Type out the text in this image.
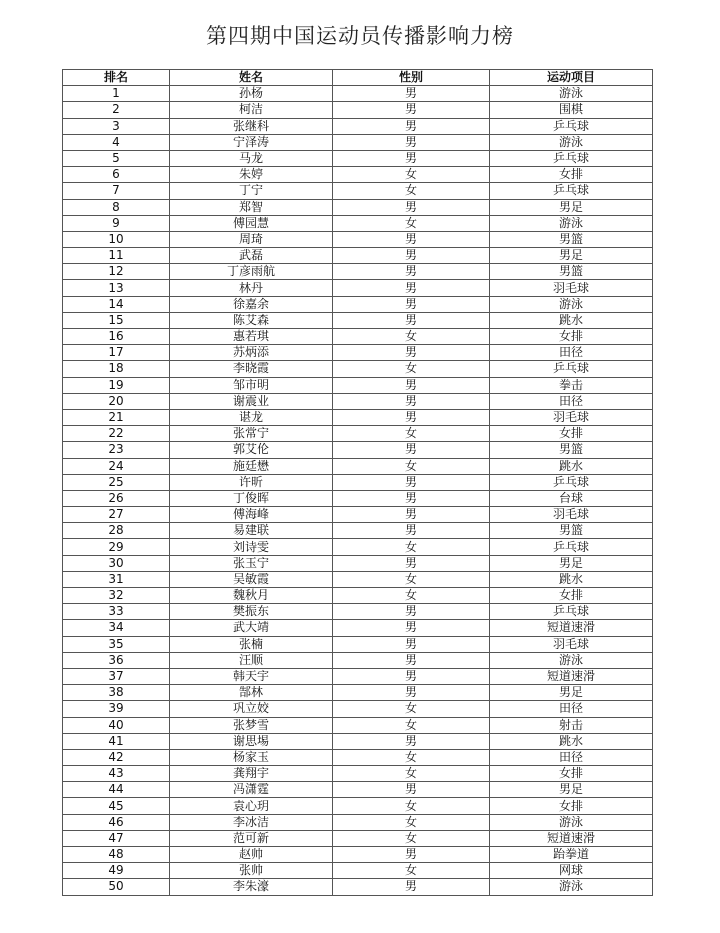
第四期中国运动员传播影响力榜
排名	姓名	性别	运动项目
1	孙杨	男	游泳
2	柯洁	男	围棋
3	张继科	男	乒乓球
4	宁泽涛	男	游泳
5	马龙	男	乒乓球
6	朱婷	女	女排
7	丁宁	女	乒乓球
8	郑智	男	男足
9	傅园慧	女	游泳
10	周琦	男	男篮
11	武磊	男	男足
12	丁彦雨航	男	男篮
13	林丹	男	羽毛球
14	徐嘉余	男	游泳
15	陈艾森	男	跳水
16	惠若琪	女	女排
17	苏炳添	男	田径
18	李晓霞	女	乒乓球
19	邹市明	男	拳击
20	谢震业	男	田径
21	谌龙	男	羽毛球
22	张常宁	女	女排
23	郭艾伦	男	男篮
24	施廷懋	女	跳水
25	许昕	男	乒乓球
26	丁俊晖	男	台球
27	傅海峰	男	羽毛球
28	易建联	男	男篮
29	刘诗雯	女	乒乓球
30	张玉宁	男	男足
31	吴敏霞	女	跳水
32	魏秋月	女	女排
33	樊振东	男	乒乓球
34	武大靖	男	短道速滑
35	张楠	男	羽毛球
36	汪顺	男	游泳
37	韩天宇	男	短道速滑
38	郜林	男	男足
39	巩立姣	女	田径
40	张梦雪	女	射击
41	谢思埸	男	跳水
42	杨家玉	女	田径
43	龚翔宇	女	女排
44	冯潇霆	男	男足
45	袁心玥	女	女排
46	李冰洁	女	游泳
47	范可新	女	短道速滑
48	赵帅	男	跆拳道
49	张帅	女	网球
50	李朱濠	男	游泳
